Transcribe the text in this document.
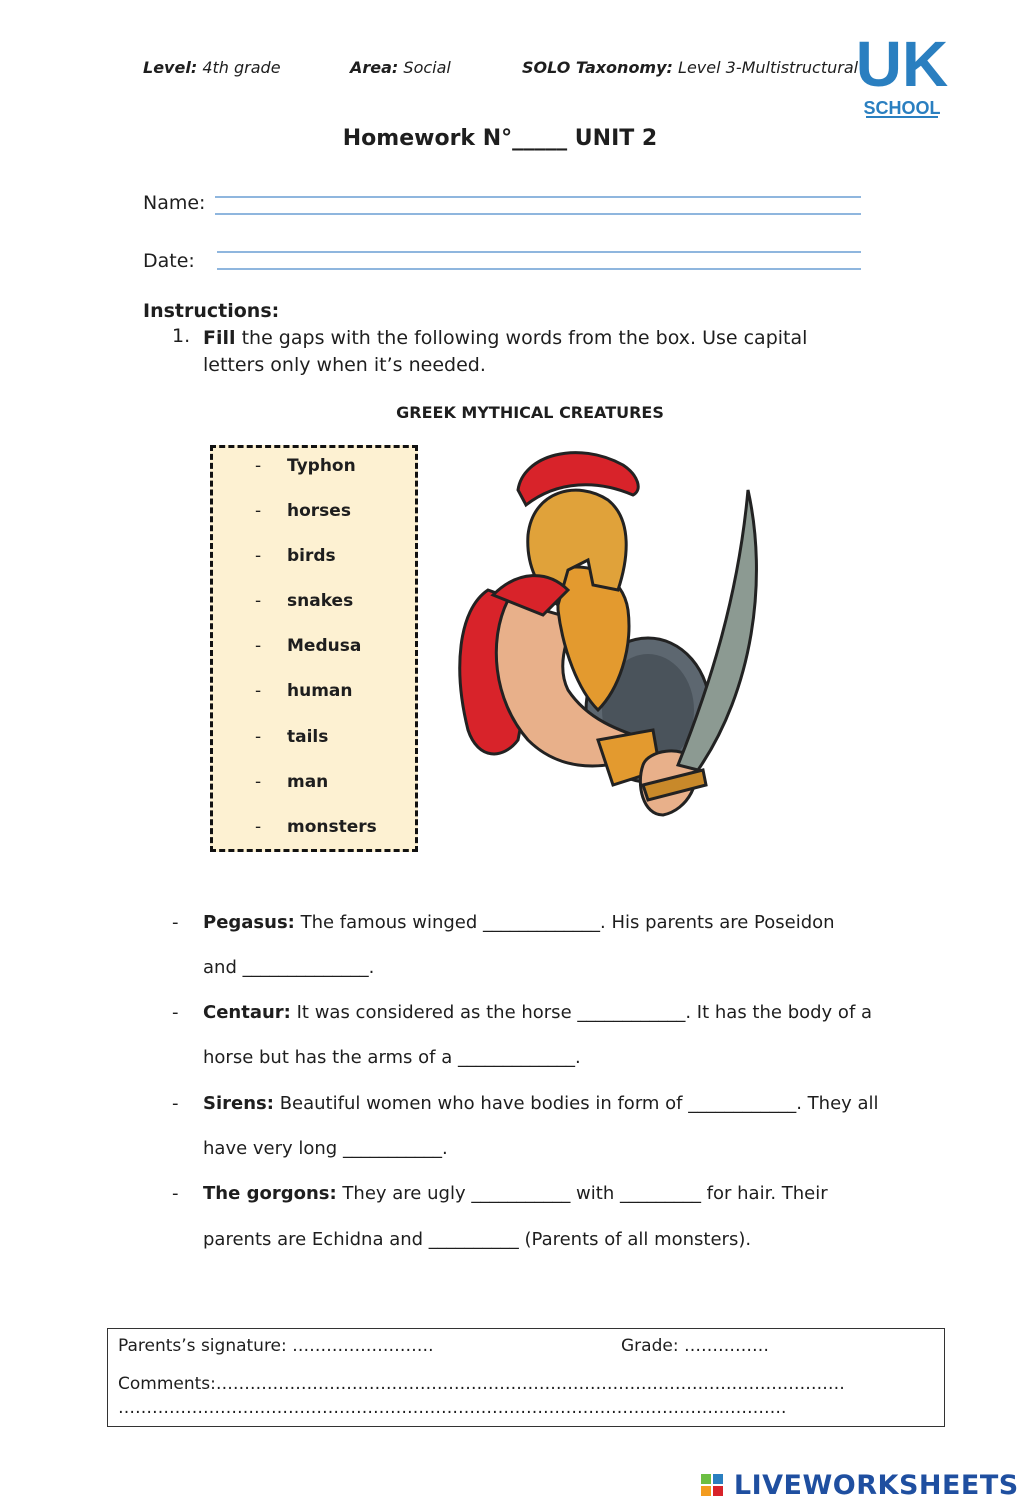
Level: 4th grade	Area: Social	SOLO Taxonomy: Level 3-Multistructural
UK
SCHOOL
Homework N°_____ UNIT 2
Name:
Date:
Instructions:
1. Fill the gaps with the following words from the box. Use capital letters only when it’s needed.
GREEK MYTHICAL CREATURES
- Typhon
- horses
- birds
- snakes
- Medusa
- human
- tails
- man
- monsters
- Pegasus: The famous winged _____________. His parents are Poseidon
and ______________.
- Centaur: It was considered as the horse ____________. It has the body of a
horse but has the arms of a _____________.
- Sirens: Beautiful women who have bodies in form of ____________. They all
have very long ___________.
- The gorgons: They are ugly ___________ with _________ for hair. Their
parents are Echidna and __________ (Parents of all monsters).
Parents’s signature: …………………….	Grade: ……………
Comments:…………………………………………………………………………………………………
……………………………………………………………………………………………………….
LIVEWORKSHEETS
